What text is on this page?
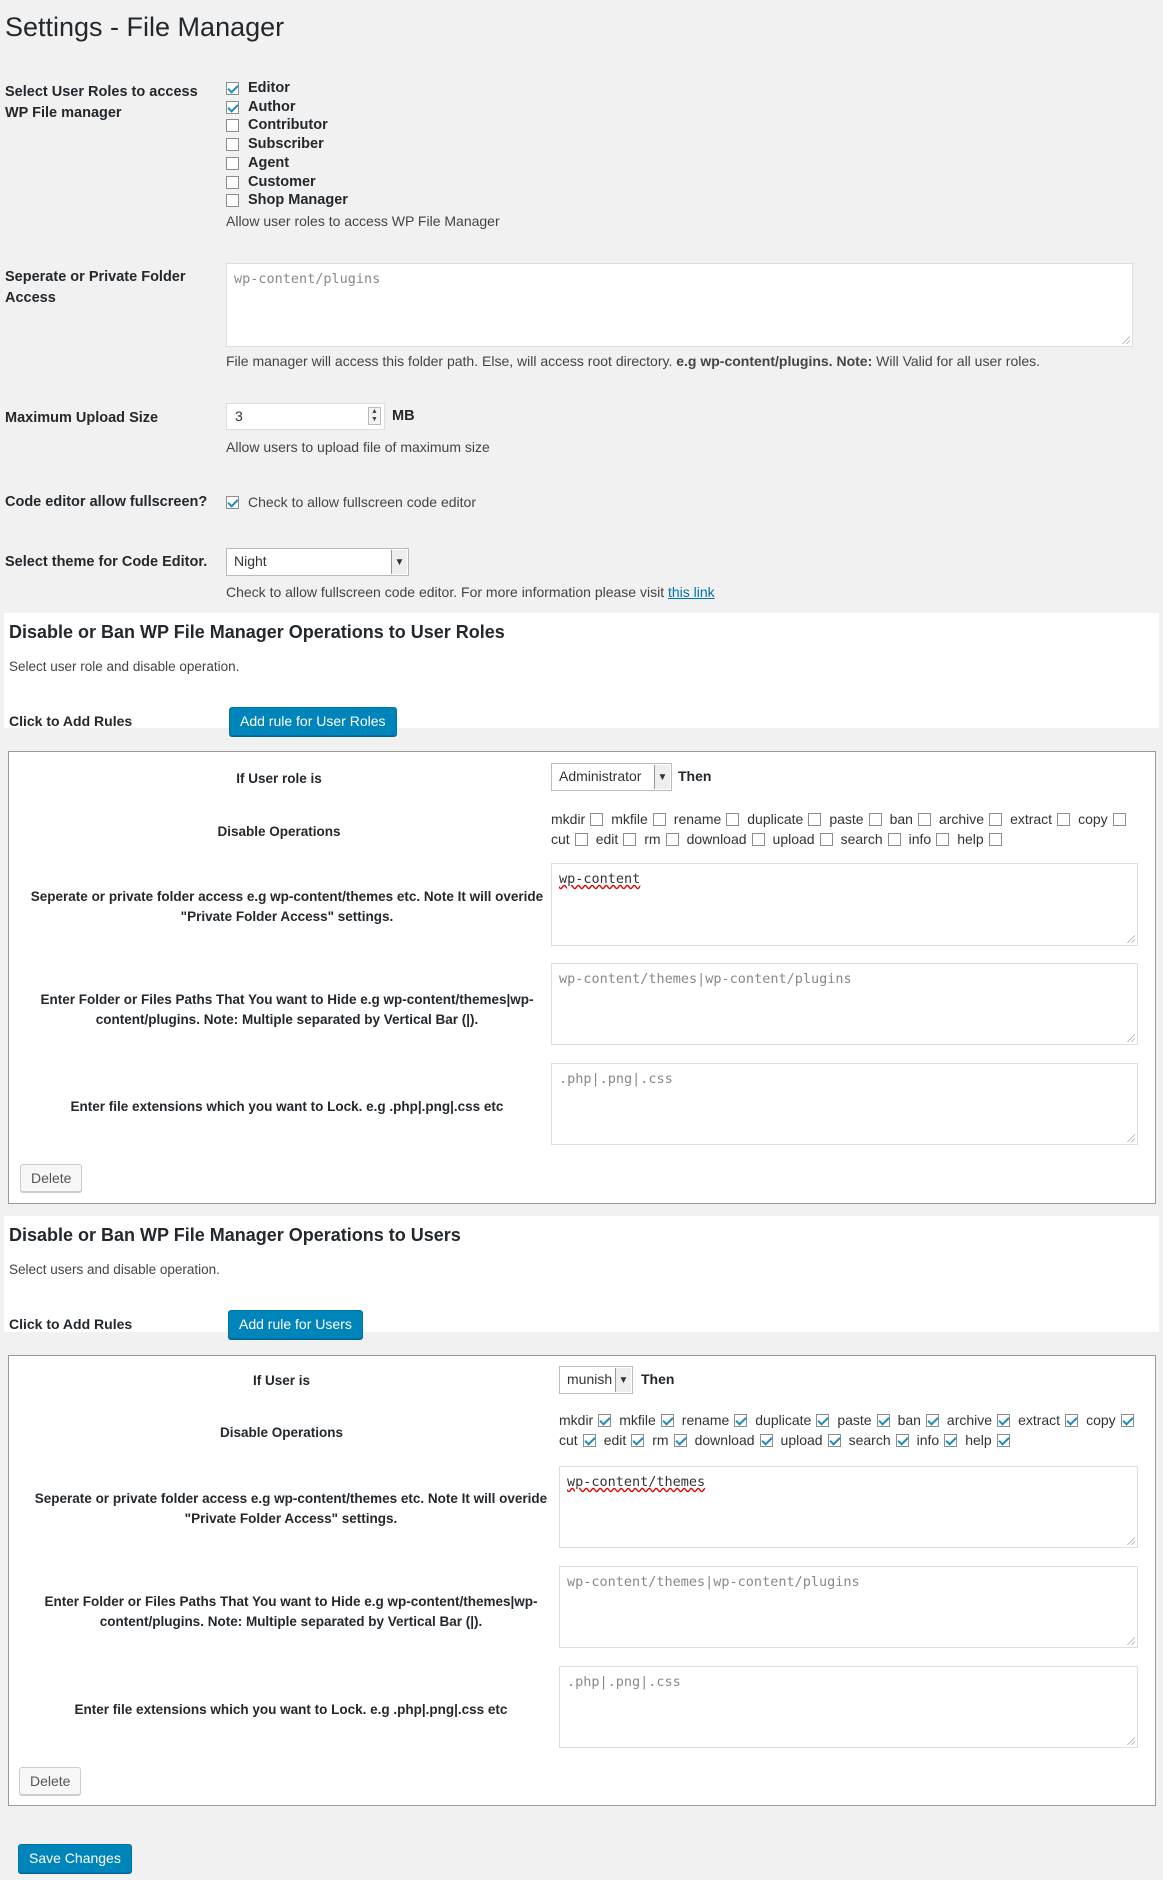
Settings - File Manager
Select User Roles to access WP File manager
Editor
Author
Contributor
Subscriber
Agent
Customer
Shop Manager
Allow user roles to access WP File Manager
Seperate or Private Folder Access
wp-content/plugins
File manager will access this folder path. Else, will access root directory. e.g wp-content/plugins. Note: Will Valid for all user roles.
Maximum Upload Size	3	▲
▼ MB
Allow users to upload file of maximum size
Code editor allow fullscreen?	Check to allow fullscreen code editor
Select theme for Code Editor.	Night	▼
Check to allow fullscreen code editor. For more information please visit this link
Disable or Ban WP File Manager Operations to User Roles
Select user role and disable operation.
Click to Add Rules	Add rule for User Roles
If User role is	Administrator	▼ Then
Disable Operations
mkdir mkfile rename duplicate paste ban archive extract copy
cut edit rm download upload search info help
Seperate or private folder access e.g wp-content/themes etc. Note It will overide "Private Folder Access" settings.
wp-content
Enter Folder or Files Paths That You want to Hide e.g wp-content/themes|wp-content/plugins. Note: Multiple separated by Vertical Bar (|).
wp-content/themes|wp-content/plugins
Enter file extensions which you want to Lock. e.g .php|.png|.css etc
.php|.png|.css
Delete
Disable or Ban WP File Manager Operations to Users
Select users and disable operation.
Click to Add Rules	Add rule for Users
If User is	munish ▼ Then
Disable Operations
mkdir mkfile rename duplicate paste ban archive extract copy
cut edit rm download upload search info help
Seperate or private folder access e.g wp-content/themes etc. Note It will overide "Private Folder Access" settings.
wp-content/themes
Enter Folder or Files Paths That You want to Hide e.g wp-content/themes|wp-content/plugins. Note: Multiple separated by Vertical Bar (|).
wp-content/themes|wp-content/plugins
Enter file extensions which you want to Lock. e.g .php|.png|.css etc
.php|.png|.css
Delete
Save Changes
